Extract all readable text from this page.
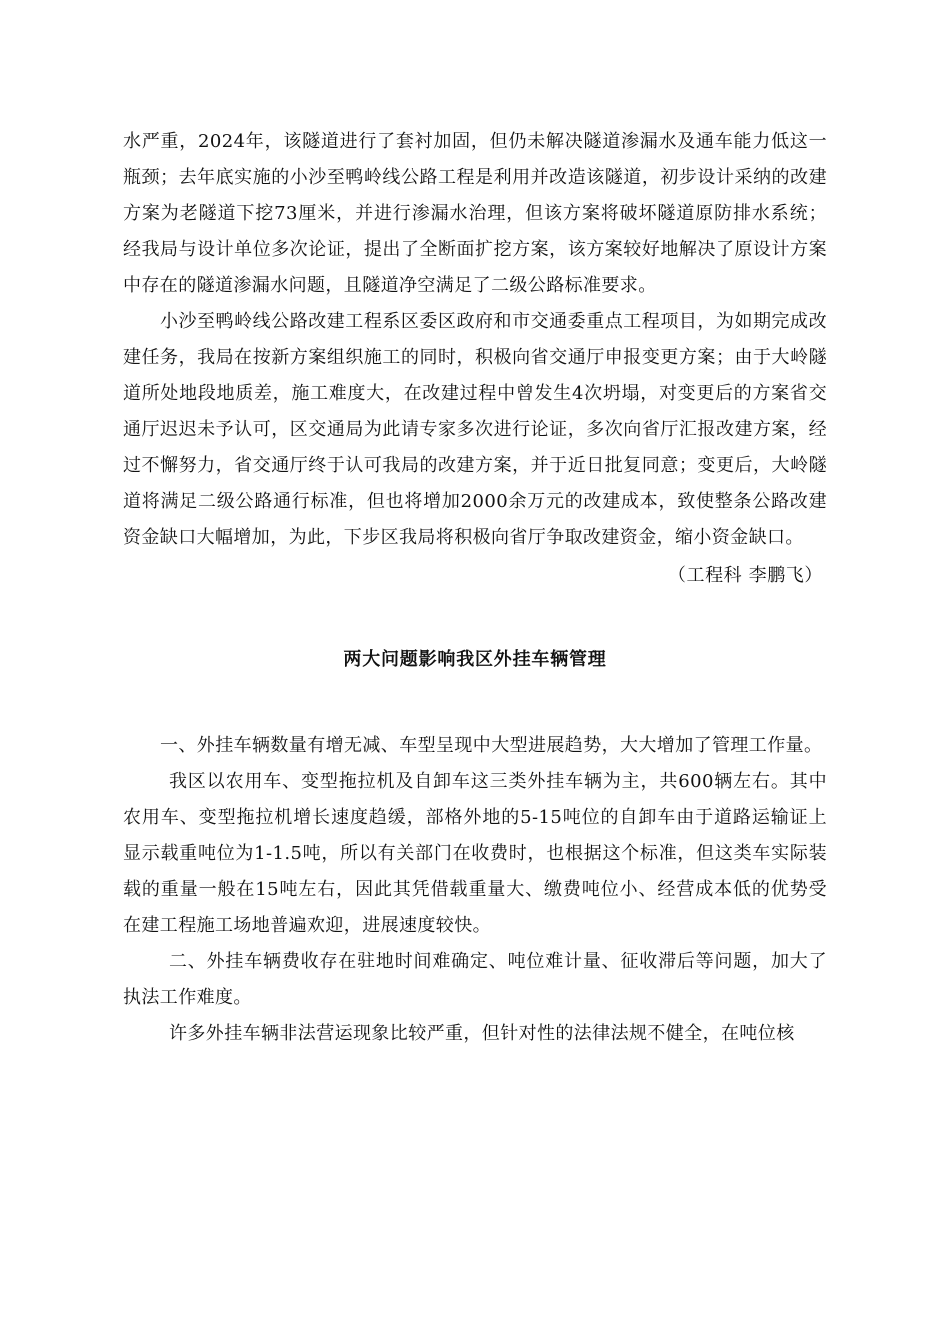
水严重，2024年，该隧道进行了套衬加固，但仍未解决隧道渗漏水及通车能力低这一瓶颈；去年底实施的小沙至鸭岭线公路工程是利用并改造该隧道，初步设计采纳的改建方案为老隧道下挖73厘米，并进行渗漏水治理，但该方案将破坏隧道原防排水系统；经我局与设计单位多次论证，提出了全断面扩挖方案，该方案较好地解决了原设计方案中存在的隧道渗漏水问题，且隧道净空满足了二级公路标准要求。

小沙至鸭岭线公路改建工程系区委区政府和市交通委重点工程项目，为如期完成改建任务，我局在按新方案组织施工的同时，积极向省交通厅申报变更方案；由于大岭隧道所处地段地质差，施工难度大，在改建过程中曾发生4次坍塌，对变更后的方案省交通厅迟迟未予认可，区交通局为此请专家多次进行论证，多次向省厅汇报改建方案，经过不懈努力，省交通厅终于认可我局的改建方案，并于近日批复同意；变更后，大岭隧道将满足二级公路通行标准，但也将增加2000余万元的改建成本，致使整条公路改建资金缺口大幅增加，为此，下步区我局将积极向省厅争取改建资金，缩小资金缺口。

（工程科 李鹏飞）

两大问题影响我区外挂车辆管理

一、外挂车辆数量有增无减、车型呈现中大型进展趋势，大大增加了管理工作量。

我区以农用车、变型拖拉机及自卸车这三类外挂车辆为主，共600辆左右。其中农用车、变型拖拉机增长速度趋缓，部格外地的5-15吨位的自卸车由于道路运输证上显示载重吨位为1-1.5吨，所以有关部门在收费时，也根据这个标准，但这类车实际装载的重量一般在15吨左右，因此其凭借载重量大、缴费吨位小、经营成本低的优势受在建工程施工场地普遍欢迎，进展速度较快。

二、外挂车辆费收存在驻地时间难确定、吨位难计量、征收滞后等问题，加大了执法工作难度。

许多外挂车辆非法营运现象比较严重，但针对性的法律法规不健全，在吨位核
